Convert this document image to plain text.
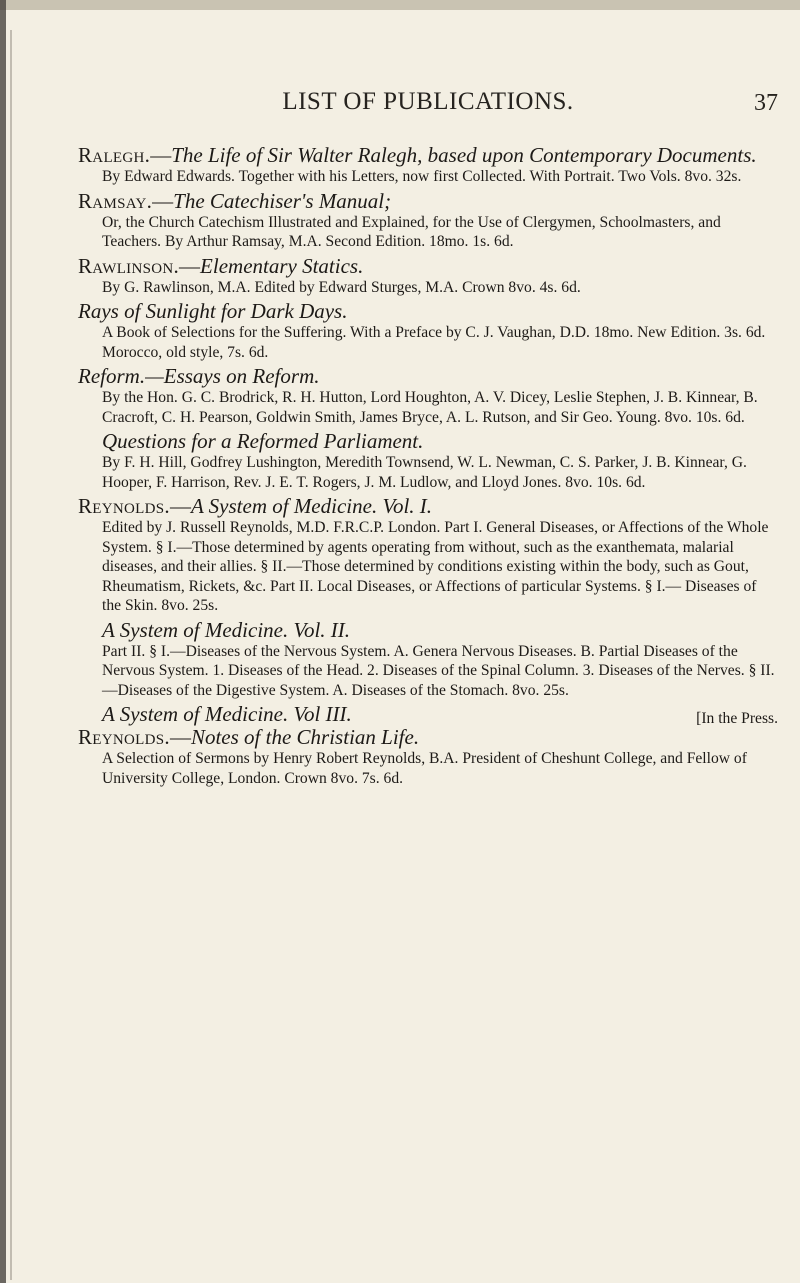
LIST OF PUBLICATIONS.	37
Ralegh.—The Life of Sir Walter Ralegh, based upon Contemporary Documents.
By Edward Edwards. Together with his Letters, now first Collected. With Portrait. Two Vols. 8vo. 32s.
Ramsay.—The Catechiser's Manual;
Or, the Church Catechism Illustrated and Explained, for the Use of Clergymen, Schoolmasters, and Teachers. By Arthur Ramsay, M.A. Second Edition. 18mo. 1s. 6d.
Rawlinson.—Elementary Statics.
By G. Rawlinson, M.A. Edited by Edward Sturges, M.A. Crown 8vo. 4s. 6d.
Rays of Sunlight for Dark Days.
A Book of Selections for the Suffering. With a Preface by C. J. Vaughan, D.D. 18mo. New Edition. 3s. 6d. Morocco, old style, 7s. 6d.
Reform.—Essays on Reform.
By the Hon. G. C. Brodrick, R. H. Hutton, Lord Houghton, A. V. Dicey, Leslie Stephen, J. B. Kinnear, B. Cracroft, C. H. Pearson, Goldwin Smith, James Bryce, A. L. Rutson, and Sir Geo. Young. 8vo. 10s. 6d.
Questions for a Reformed Parliament.
By F. H. Hill, Godfrey Lushington, Meredith Townsend, W. L. Newman, C. S. Parker, J. B. Kinnear, G. Hooper, F. Harrison, Rev. J. E. T. Rogers, J. M. Ludlow, and Lloyd Jones. 8vo. 10s. 6d.
Reynolds.—A System of Medicine. Vol. I.
Edited by J. Russell Reynolds, M.D. F.R.C.P. London. Part I. General Diseases, or Affections of the Whole System. § I.—Those determined by agents operating from without, such as the exanthemata, malarial diseases, and their allies. § II.—Those determined by conditions existing within the body, such as Gout, Rheumatism, Rickets, &c. Part II. Local Diseases, or Affections of particular Systems. § I.— Diseases of the Skin. 8vo. 25s.
A System of Medicine. Vol. II.
Part II. § I.—Diseases of the Nervous System. A. Genera Nervous Diseases. B. Partial Diseases of the Nervous System. 1. Diseases of the Head. 2. Diseases of the Spinal Column. 3. Diseases of the Nerves. § II.—Diseases of the Digestive System. A. Diseases of the Stomach. 8vo. 25s.
A System of Medicine. Vol III.	[In the Press.
Reynolds.—Notes of the Christian Life.
A Selection of Sermons by Henry Robert Reynolds, B.A. President of Cheshunt College, and Fellow of University College, London. Crown 8vo. 7s. 6d.
